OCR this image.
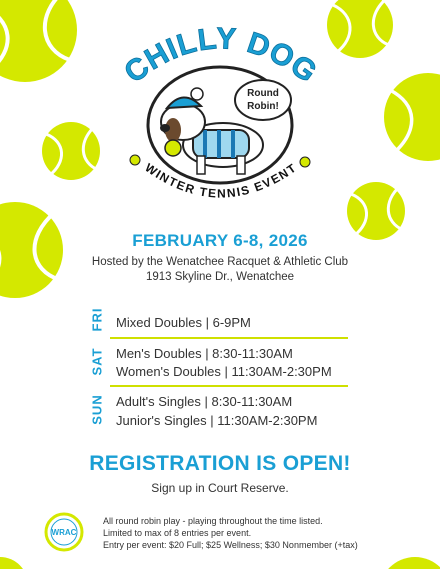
Round
Robin!
CHILLY DOG
WINTER TENNIS EVENT
FEBRUARY 6-8, 2026
Hosted by the Wenatchee Racquet & Athletic Club
1913 Skyline Dr., Wenatchee
FRI Mixed Doubles | 6-9PM
SAT Men's Doubles | 8:30-11:30AM
Women's Doubles | 11:30AM-2:30PM
SUN Adult's Singles | 8:30-11:30AM
Junior's Singles | 11:30AM-2:30PM
REGISTRATION IS OPEN!
Sign up in Court Reserve.
WRAC
All round robin play - playing throughout the time listed.
Limited to max of 8 entries per event.
Entry per event: $20 Full; $25 Wellness; $30 Nonmember (+tax)
